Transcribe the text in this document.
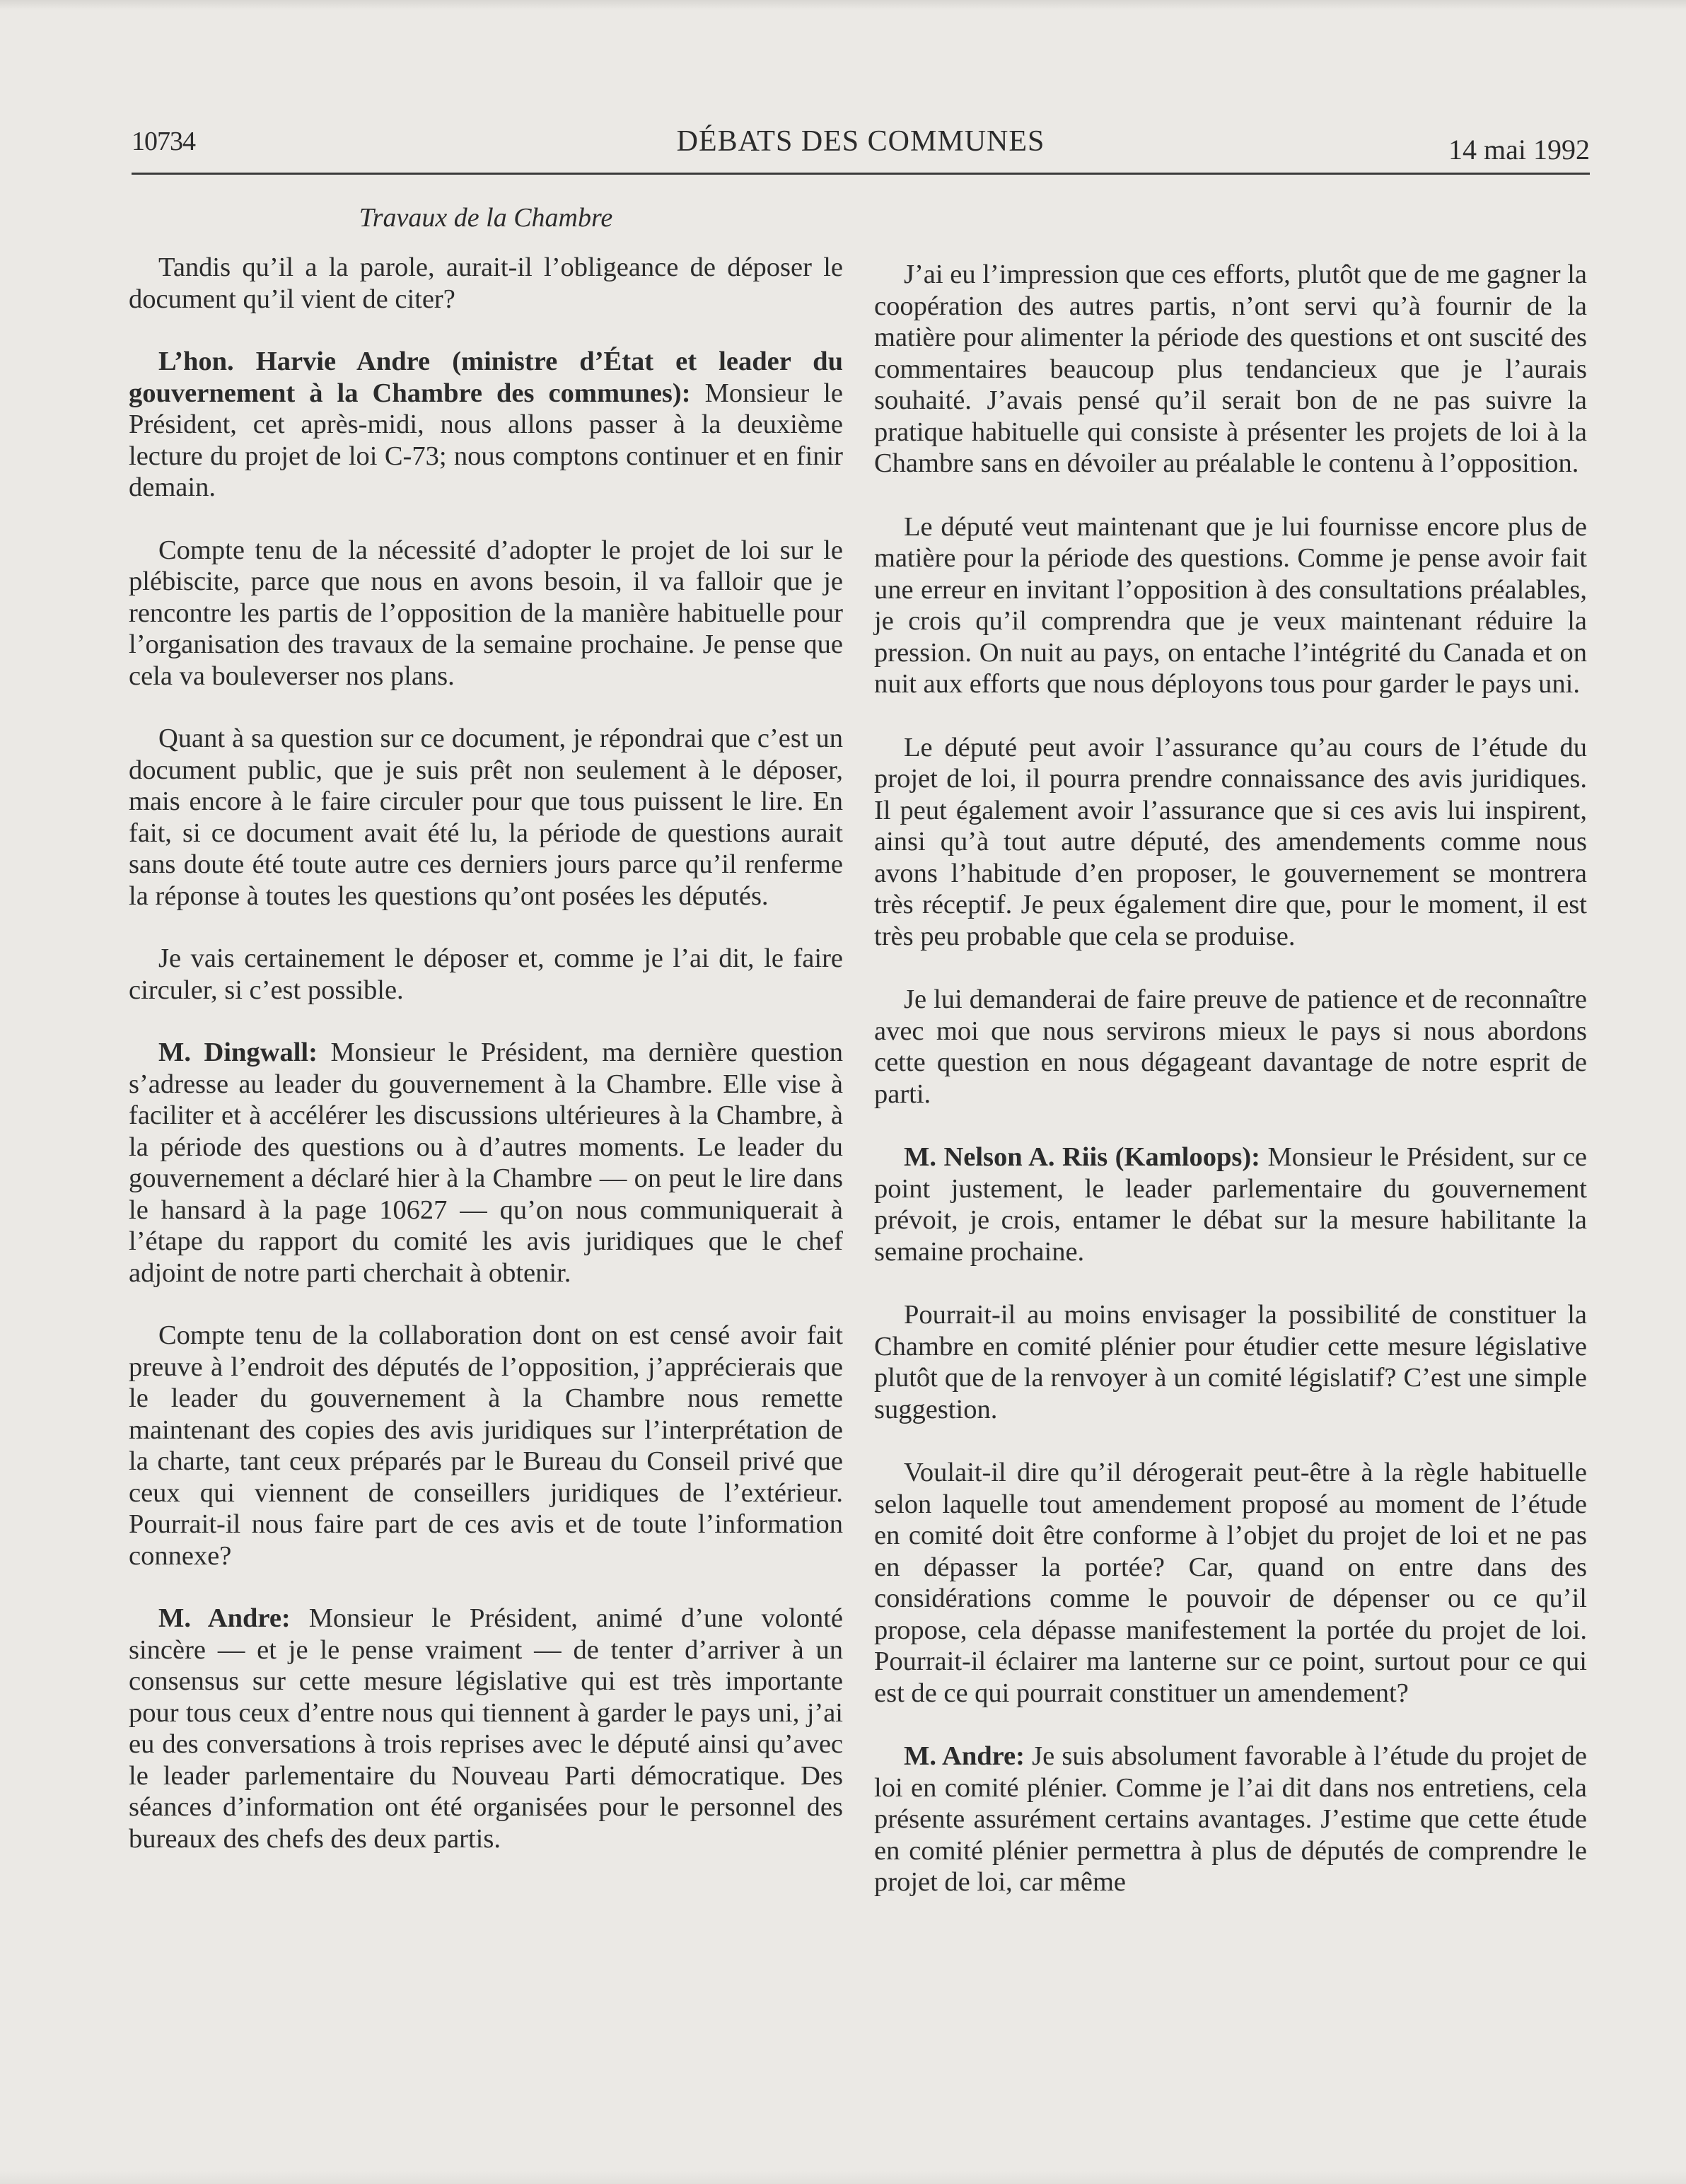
10734	DÉBATS DES COMMUNES	14 mai 1992
Travaux de la Chambre

Tandis qu’il a la parole, aurait-il l’obligeance de déposer le document qu’il vient de citer?

L’hon. Harvie Andre (ministre d’État et leader du gouvernement à la Chambre des communes): Monsieur le Président, cet après-midi, nous allons passer à la deuxième lecture du projet de loi C-73; nous comptons continuer et en finir demain.

Compte tenu de la nécessité d’adopter le projet de loi sur le plébiscite, parce que nous en avons besoin, il va falloir que je rencontre les partis de l’opposition de la manière habituelle pour l’organisation des travaux de la semaine prochaine. Je pense que cela va bouleverser nos plans.

Quant à sa question sur ce document, je répondrai que c’est un document public, que je suis prêt non seulement à le déposer, mais encore à le faire circuler pour que tous puissent le lire. En fait, si ce document avait été lu, la période de questions aurait sans doute été toute autre ces derniers jours parce qu’il renferme la réponse à toutes les questions qu’ont posées les députés.

Je vais certainement le déposer et, comme je l’ai dit, le faire circuler, si c’est possible.

M. Dingwall: Monsieur le Président, ma dernière question s’adresse au leader du gouvernement à la Chambre. Elle vise à faciliter et à accélérer les discussions ultérieures à la Chambre, à la période des questions ou à d’autres moments. Le leader du gouvernement a déclaré hier à la Chambre — on peut le lire dans le hansard à la page 10627 — qu’on nous communiquerait à l’étape du rapport du comité les avis juridiques que le chef adjoint de notre parti cherchait à obtenir.

Compte tenu de la collaboration dont on est censé avoir fait preuve à l’endroit des députés de l’opposition, j’apprécierais que le leader du gouvernement à la Chambre nous remette maintenant des copies des avis juridiques sur l’interprétation de la charte, tant ceux préparés par le Bureau du Conseil privé que ceux qui viennent de conseillers juridiques de l’extérieur. Pourrait-il nous faire part de ces avis et de toute l’information connexe?

M. Andre: Monsieur le Président, animé d’une volonté sincère — et je le pense vraiment — de tenter d’arriver à un consensus sur cette mesure législative qui est très importante pour tous ceux d’entre nous qui tiennent à garder le pays uni, j’ai eu des conversations à trois reprises avec le député ainsi qu’avec le leader parlementaire du Nouveau Parti démocratique. Des séances d’information ont été organisées pour le personnel des bureaux des chefs des deux partis.

J’ai eu l’impression que ces efforts, plutôt que de me gagner la coopération des autres partis, n’ont servi qu’à fournir de la matière pour alimenter la période des questions et ont suscité des commentaires beaucoup plus tendancieux que je l’aurais souhaité. J’avais pensé qu’il serait bon de ne pas suivre la pratique habituelle qui consiste à présenter les projets de loi à la Chambre sans en dévoiler au préalable le contenu à l’opposition.

Le député veut maintenant que je lui fournisse encore plus de matière pour la période des questions. Comme je pense avoir fait une erreur en invitant l’opposition à des consultations préalables, je crois qu’il comprendra que je veux maintenant réduire la pression. On nuit au pays, on entache l’intégrité du Canada et on nuit aux efforts que nous déployons tous pour garder le pays uni.

Le député peut avoir l’assurance qu’au cours de l’étude du projet de loi, il pourra prendre connaissance des avis juridiques. Il peut également avoir l’assurance que si ces avis lui inspirent, ainsi qu’à tout autre député, des amendements comme nous avons l’habitude d’en proposer, le gouvernement se montrera très réceptif. Je peux également dire que, pour le moment, il est très peu probable que cela se produise.

Je lui demanderai de faire preuve de patience et de reconnaître avec moi que nous servirons mieux le pays si nous abordons cette question en nous dégageant davantage de notre esprit de parti.

M. Nelson A. Riis (Kamloops): Monsieur le Président, sur ce point justement, le leader parlementaire du gouvernement prévoit, je crois, entamer le débat sur la mesure habilitante la semaine prochaine.

Pourrait-il au moins envisager la possibilité de constituer la Chambre en comité plénier pour étudier cette mesure législative plutôt que de la renvoyer à un comité législatif? C’est une simple suggestion.

Voulait-il dire qu’il dérogerait peut-être à la règle habituelle selon laquelle tout amendement proposé au moment de l’étude en comité doit être conforme à l’objet du projet de loi et ne pas en dépasser la portée? Car, quand on entre dans des considérations comme le pouvoir de dépenser ou ce qu’il propose, cela dépasse manifestement la portée du projet de loi. Pourrait-il éclairer ma lanterne sur ce point, surtout pour ce qui est de ce qui pourrait constituer un amendement?

M. Andre: Je suis absolument favorable à l’étude du projet de loi en comité plénier. Comme je l’ai dit dans nos entretiens, cela présente assurément certains avantages. J’estime que cette étude en comité plénier permettra à plus de députés de comprendre le projet de loi, car même
